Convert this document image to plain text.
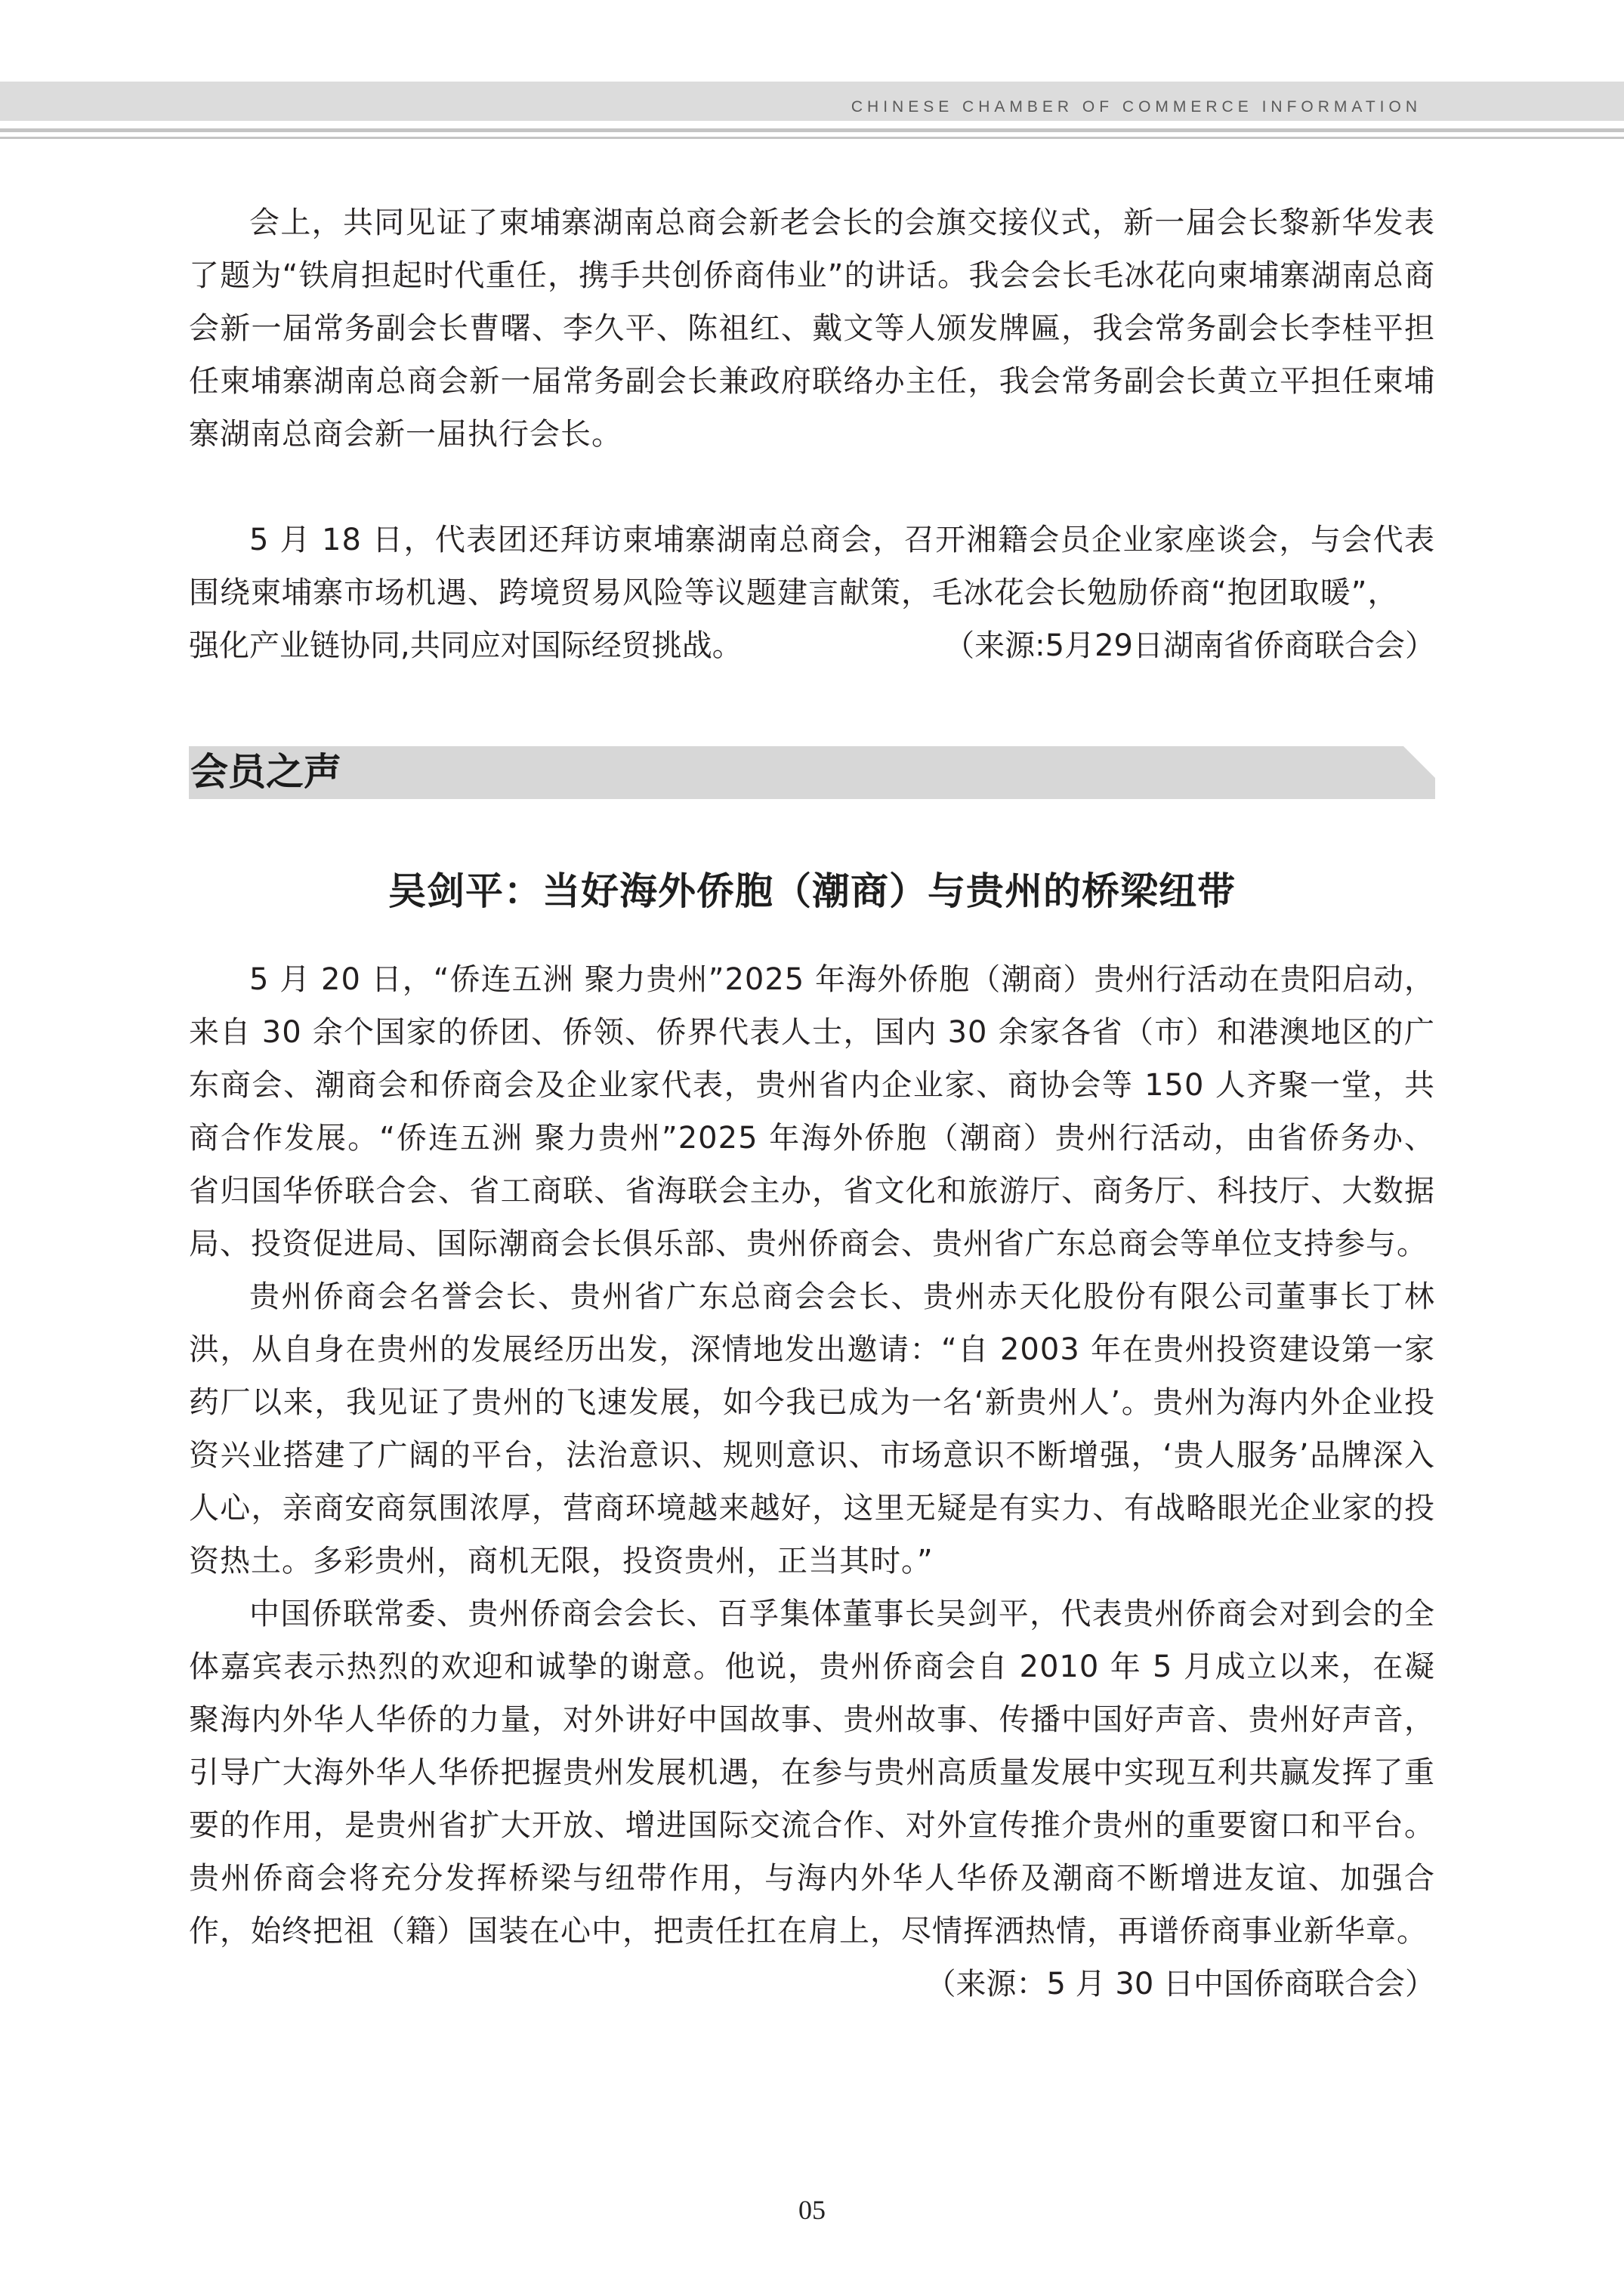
CHINESE CHAMBER OF COMMERCE INFORMATION

会上，共同见证了柬埔寨湖南总商会新老会长的会旗交接仪式，新一届会长黎新华发表了题为“铁肩担起时代重任，携手共创侨商伟业”的讲话。我会会长毛冰花向柬埔寨湖南总商会新一届常务副会长曹曙、李久平、陈祖红、戴文等人颁发牌匾，我会常务副会长李桂平担任柬埔寨湖南总商会新一届常务副会长兼政府联络办主任，我会常务副会长黄立平担任柬埔寨湖南总商会新一届执行会长。

5 月 18 日，代表团还拜访柬埔寨湖南总商会，召开湘籍会员企业家座谈会，与会代表围绕柬埔寨市场机遇、跨境贸易风险等议题建言献策，毛冰花会长勉励侨商“抱团取暖”，

强化产业链协同,共同应对国际经贸挑战。	（来源:5月29日湖南省侨商联合会）
会员之声
吴剑平：当好海外侨胞（潮商）与贵州的桥梁纽带

5 月 20 日，“侨连五洲 聚力贵州”2025 年海外侨胞（潮商）贵州行活动在贵阳启动，来自 30 余个国家的侨团、侨领、侨界代表人士，国内 30 余家各省（市）和港澳地区的广东商会、潮商会和侨商会及企业家代表，贵州省内企业家、商协会等 150 人齐聚一堂，共商合作发展。“侨连五洲 聚力贵州”2025 年海外侨胞（潮商）贵州行活动，由省侨务办、省归国华侨联合会、省工商联、省海联会主办，省文化和旅游厅、商务厅、科技厅、大数据局、投资促进局、国际潮商会长俱乐部、贵州侨商会、贵州省广东总商会等单位支持参与。

贵州侨商会名誉会长、贵州省广东总商会会长、贵州赤天化股份有限公司董事长丁林洪，从自身在贵州的发展经历出发，深情地发出邀请：“自 2003 年在贵州投资建设第一家药厂以来，我见证了贵州的飞速发展，如今我已成为一名‘新贵州人’。贵州为海内外企业投资兴业搭建了广阔的平台，法治意识、规则意识、市场意识不断增强，‘贵人服务’品牌深入人心，亲商安商氛围浓厚，营商环境越来越好，这里无疑是有实力、有战略眼光企业家的投资热土。多彩贵州，商机无限，投资贵州，正当其时。”

中国侨联常委、贵州侨商会会长、百孚集体董事长吴剑平，代表贵州侨商会对到会的全体嘉宾表示热烈的欢迎和诚挚的谢意。他说，贵州侨商会自 2010 年 5 月成立以来，在凝聚海内外华人华侨的力量，对外讲好中国故事、贵州故事、传播中国好声音、贵州好声音，引导广大海外华人华侨把握贵州发展机遇，在参与贵州高质量发展中实现互利共赢发挥了重要的作用，是贵州省扩大开放、增进国际交流合作、对外宣传推介贵州的重要窗口和平台。贵州侨商会将充分发挥桥梁与纽带作用，与海内外华人华侨及潮商不断增进友谊、加强合作，始终把祖（籍）国装在心中，把责任扛在肩上，尽情挥洒热情，再谱侨商事业新华章。

（来源：5 月 30 日中国侨商联合会）
05
